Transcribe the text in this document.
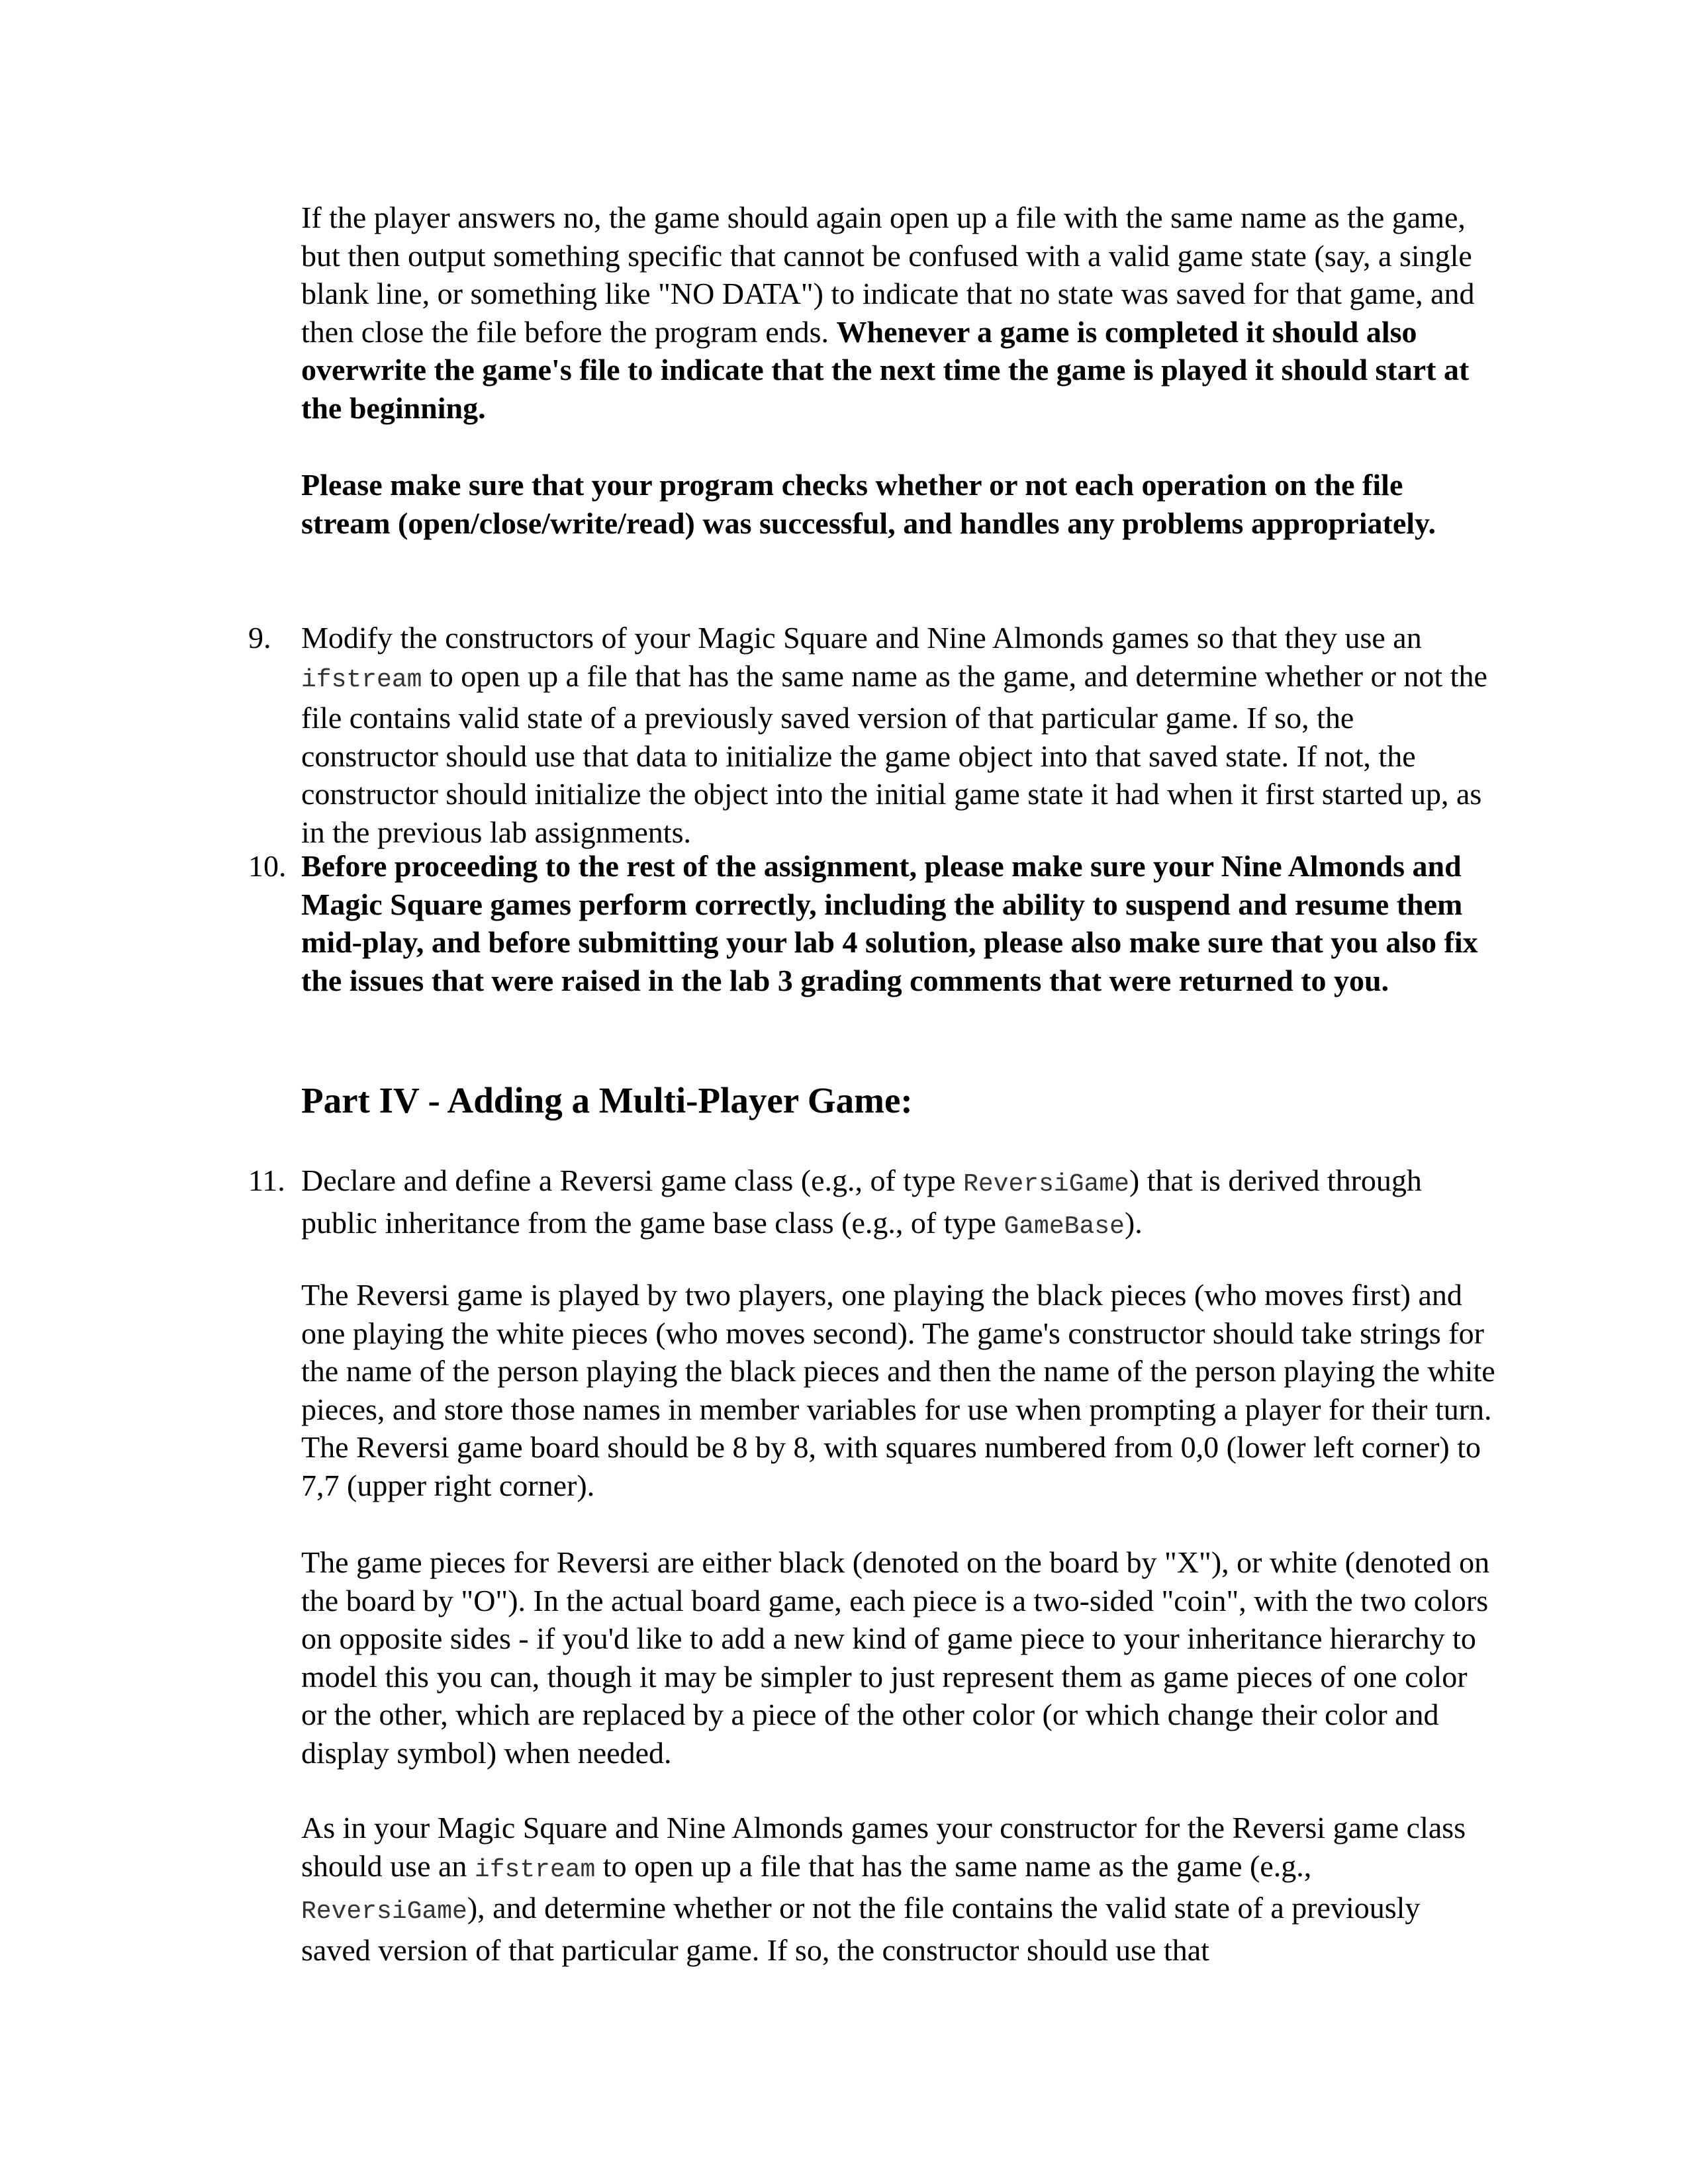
If the player answers no, the game should again open up a file with the same name as the game, but then output something specific that cannot be confused with a valid game state (say, a single blank line, or something like "NO DATA") to indicate that no state was saved for that game, and then close the file before the program ends. Whenever a game is completed it should also overwrite the game's file to indicate that the next time the game is played it should start at the beginning.

Please make sure that your program checks whether or not each operation on the file stream (open/close/write/read) was successful, and handles any problems appropriately.

9. Modify the constructors of your Magic Square and Nine Almonds games so that they use an ifstream to open up a file that has the same name as the game, and determine whether or not the file contains valid state of a previously saved version of that particular game. If so, the constructor should use that data to initialize the game object into that saved state. If not, the constructor should initialize the object into the initial game state it had when it first started up, as in the previous lab assignments.

10. Before proceeding to the rest of the assignment, please make sure your Nine Almonds and Magic Square games perform correctly, including the ability to suspend and resume them mid-play, and before submitting your lab 4 solution, please also make sure that you also fix the issues that were raised in the lab 3 grading comments that were returned to you.

Part IV - Adding a Multi-Player Game:
11. Declare and define a Reversi game class (e.g., of type ReversiGame) that is derived through public inheritance from the game base class (e.g., of type GameBase).

The Reversi game is played by two players, one playing the black pieces (who moves first) and one playing the white pieces (who moves second). The game's constructor should take strings for the name of the person playing the black pieces and then the name of the person playing the white pieces, and store those names in member variables for use when prompting a player for their turn. The Reversi game board should be 8 by 8, with squares numbered from 0,0 (lower left corner) to 7,7 (upper right corner).

The game pieces for Reversi are either black (denoted on the board by "X"), or white (denoted on the board by "O"). In the actual board game, each piece is a two-sided "coin", with the two colors on opposite sides - if you'd like to add a new kind of game piece to your inheritance hierarchy to model this you can, though it may be simpler to just represent them as game pieces of one color or the other, which are replaced by a piece of the other color (or which change their color and display symbol) when needed.

As in your Magic Square and Nine Almonds games your constructor for the Reversi game class should use an ifstream to open up a file that has the same name as the game (e.g., ReversiGame), and determine whether or not the file contains the valid state of a previously saved version of that particular game. If so, the constructor should use that
